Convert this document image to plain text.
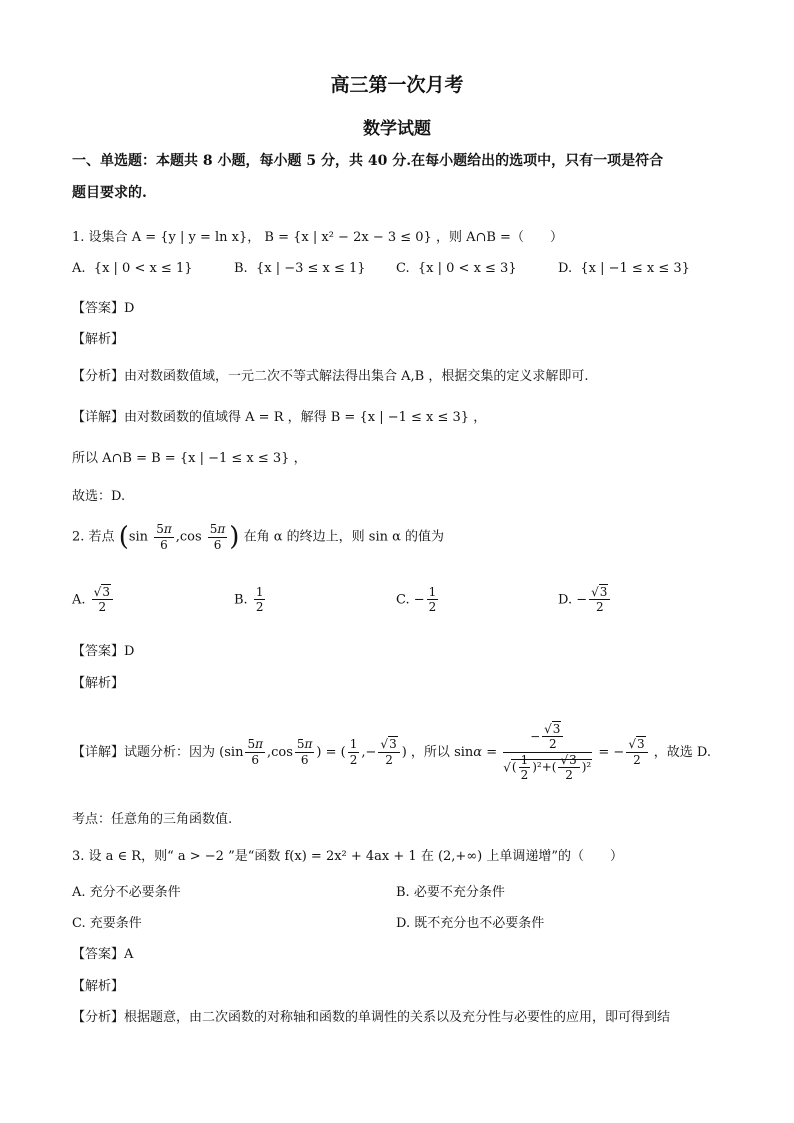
高三第一次月考
数学试题
一、单选题：本题共 8 小题，每小题 5 分，共 40 分.在每小题给出的选项中，只有一项是符合
题目要求的.
1. 设集合 A = {y | y = ln x}， B = {x | x² − 2x − 3 ≤ 0} ，则 A∩B =（　　）
A. {x | 0 < x ≤ 1}	B. {x | −3 ≤ x ≤ 1} C. {x | 0 < x ≤ 3}	D. {x | −1 ≤ x ≤ 3}
【答案】D
【解析】
【分析】由对数函数值域，一元二次不等式解法得出集合 A,B ，根据交集的定义求解即可.
【详解】由对数函数的值域得 A = R ，解得 B = {x | −1 ≤ x ≤ 3} ，
所以 A∩B = B = {x | −1 ≤ x ≤ 3} ，
故选：D.
2. 若点 ($\sin \frac{5\pi}{6} ,\cos \frac{5\pi}{6}$ ) 在角 α 的终边上，则 sin α 的值为
A. $\frac{√3}{2}$	B. $\frac{1}{2}$	C. − $\frac{1}{2}$	D. − $\frac{√3}{2}$
【答案】D
【解析】
【详解】试题分析：因为 ($\sin \frac{5\pi}{6} ,\cos \frac{5\pi}{6}$ ) = ( $\frac{1}{2}$ ,− $\frac{√3}{2}$ ) ，所以 $\sin\alpha = \frac{- \frac{√3}{2}}{√( \frac{1}{2} )^2+( \frac{√3}{2} )^2}$ = − $\frac{√3}{2}$ ，故选 D.
考点：任意角的三角函数值.
3. 设 a ∈ R，则“ a > −2 ”是“函数 f(x) = 2x² + 4ax + 1 在 (2,+∞) 上单调递增”的（　　）
A. 充分不必要条件	B. 必要不充分条件
C. 充要条件	D. 既不充分也不必要条件
【答案】A
【解析】
【分析】根据题意，由二次函数的对称轴和函数的单调性的关系以及充分性与必要性的应用，即可得到结
